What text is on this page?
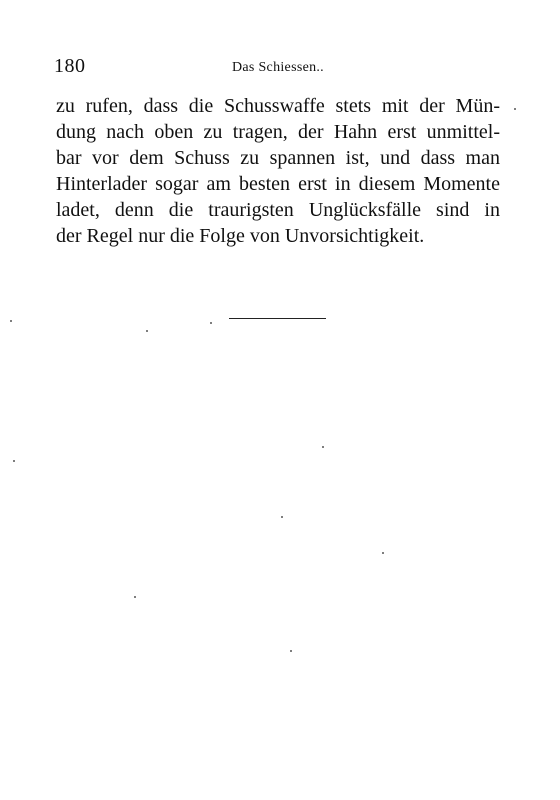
180	Das Schiessen..
zu rufen, dass die Schusswaffe stets mit der Mün-
dung nach oben zu tragen, der Hahn erst unmittel-
bar vor dem Schuss zu spannen ist, und dass man
Hinterlader sogar am besten erst in diesem Momente
ladet, denn die traurigsten Unglücksfälle sind in
der Regel nur die Folge von Unvorsichtigkeit.
